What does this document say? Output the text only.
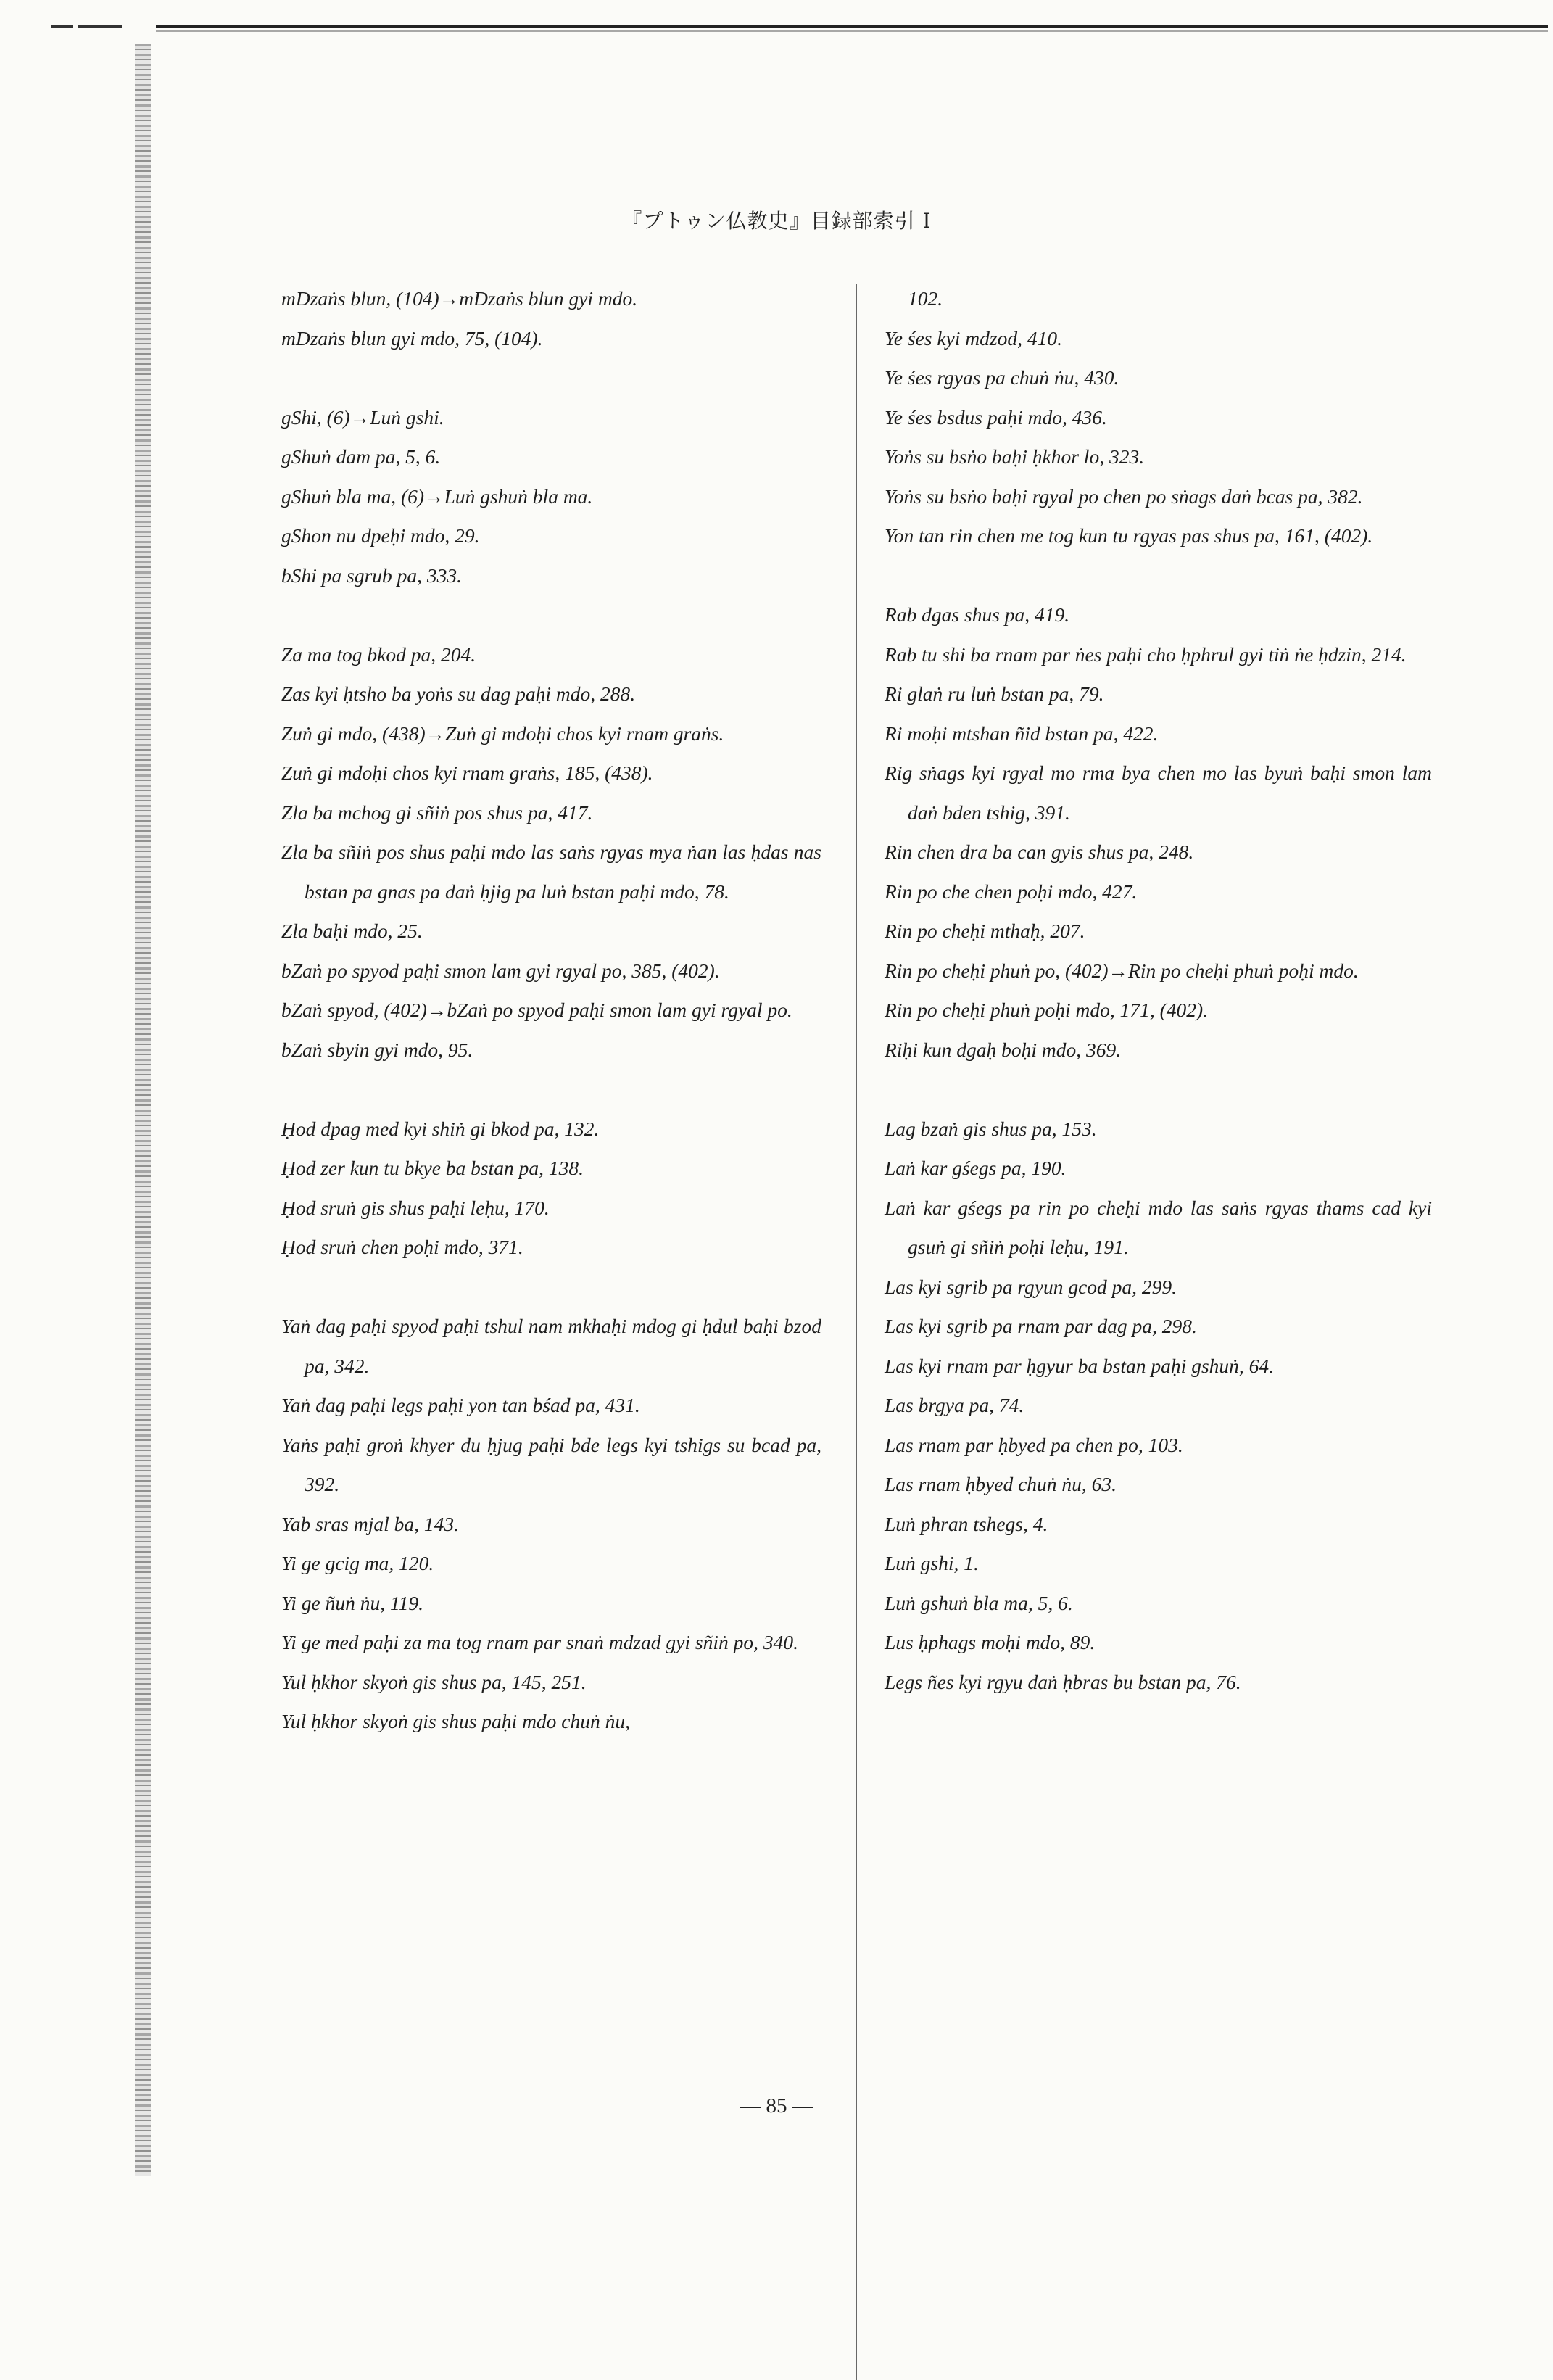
『プトゥン仏教史』目録部索引 I
mDzaṅs blun, (104)→mDzaṅs blun gyi mdo.
mDzaṅs blun gyi mdo, 75, (104).
gShi, (6)→Luṅ gshi.
gShuṅ dam pa, 5, 6.
gShuṅ bla ma, (6)→Luṅ gshuṅ bla ma.
gShon nu dpeḥi mdo, 29.
bShi pa sgrub pa, 333.
Za ma tog bkod pa, 204.
Zas kyi ḥtsho ba yoṅs su dag paḥi mdo, 288.
Zuṅ gi mdo, (438)→Zuṅ gi mdoḥi chos kyi rnam graṅs.
Zuṅ gi mdoḥi chos kyi rnam graṅs, 185, (438).
Zla ba mchog gi sñiṅ pos shus pa, 417.
Zla ba sñiṅ pos shus paḥi mdo las saṅs rgyas mya ṅan las ḥdas nas bstan pa gnas pa daṅ ḥjig pa luṅ bstan paḥi mdo, 78.
Zla baḥi mdo, 25.
bZaṅ po spyod paḥi smon lam gyi rgyal po, 385, (402).
bZaṅ spyod, (402)→bZaṅ po spyod paḥi smon lam gyi rgyal po.
bZaṅ sbyin gyi mdo, 95.
Ḥod dpag med kyi shiṅ gi bkod pa, 132.
Ḥod zer kun tu bkye ba bstan pa, 138.
Ḥod sruṅ gis shus paḥi leḥu, 170.
Ḥod sruṅ chen poḥi mdo, 371.
Yaṅ dag paḥi spyod paḥi tshul nam mkhaḥi mdog gi ḥdul baḥi bzod pa, 342.
Yaṅ dag paḥi legs paḥi yon tan bśad pa, 431.
Yaṅs paḥi groṅ khyer du ḥjug paḥi bde legs kyi tshigs su bcad pa, 392.
Yab sras mjal ba, 143.
Yi ge gcig ma, 120.
Yi ge ñuṅ ṅu, 119.
Yi ge med paḥi za ma tog rnam par snaṅ mdzad gyi sñiṅ po, 340.
Yul ḥkhor skyoṅ gis shus pa, 145, 251.
Yul ḥkhor skyoṅ gis shus paḥi mdo chuṅ ṅu,
102.
Ye śes kyi mdzod, 410.
Ye śes rgyas pa chuṅ ṅu, 430.
Ye śes bsdus paḥi mdo, 436.
Yoṅs su bsṅo baḥi ḥkhor lo, 323.
Yoṅs su bsṅo baḥi rgyal po chen po sṅags daṅ bcas pa, 382.
Yon tan rin chen me tog kun tu rgyas pas shus pa, 161, (402).
Rab dgas shus pa, 419.
Rab tu shi ba rnam par ṅes paḥi cho ḥphrul gyi tiṅ ṅe ḥdzin, 214.
Ri glaṅ ru luṅ bstan pa, 79.
Ri moḥi mtshan ñid bstan pa, 422.
Rig sṅags kyi rgyal mo rma bya chen mo las byuṅ baḥi smon lam daṅ bden tshig, 391.
Rin chen dra ba can gyis shus pa, 248.
Rin po che chen poḥi mdo, 427.
Rin po cheḥi mthaḥ, 207.
Rin po cheḥi phuṅ po, (402)→Rin po cheḥi phuṅ poḥi mdo.
Rin po cheḥi phuṅ poḥi mdo, 171, (402).
Riḥi kun dgaḥ boḥi mdo, 369.
Lag bzaṅ gis shus pa, 153.
Laṅ kar gśegs pa, 190.
Laṅ kar gśegs pa rin po cheḥi mdo las saṅs rgyas thams cad kyi gsuṅ gi sñiṅ poḥi leḥu, 191.
Las kyi sgrib pa rgyun gcod pa, 299.
Las kyi sgrib pa rnam par dag pa, 298.
Las kyi rnam par ḥgyur ba bstan paḥi gshuṅ, 64.
Las brgya pa, 74.
Las rnam par ḥbyed pa chen po, 103.
Las rnam ḥbyed chuṅ ṅu, 63.
Luṅ phran tshegs, 4.
Luṅ gshi, 1.
Luṅ gshuṅ bla ma, 5, 6.
Lus ḥphags moḥi mdo, 89.
Legs ñes kyi rgyu daṅ ḥbras bu bstan pa, 76.
— 85 —
